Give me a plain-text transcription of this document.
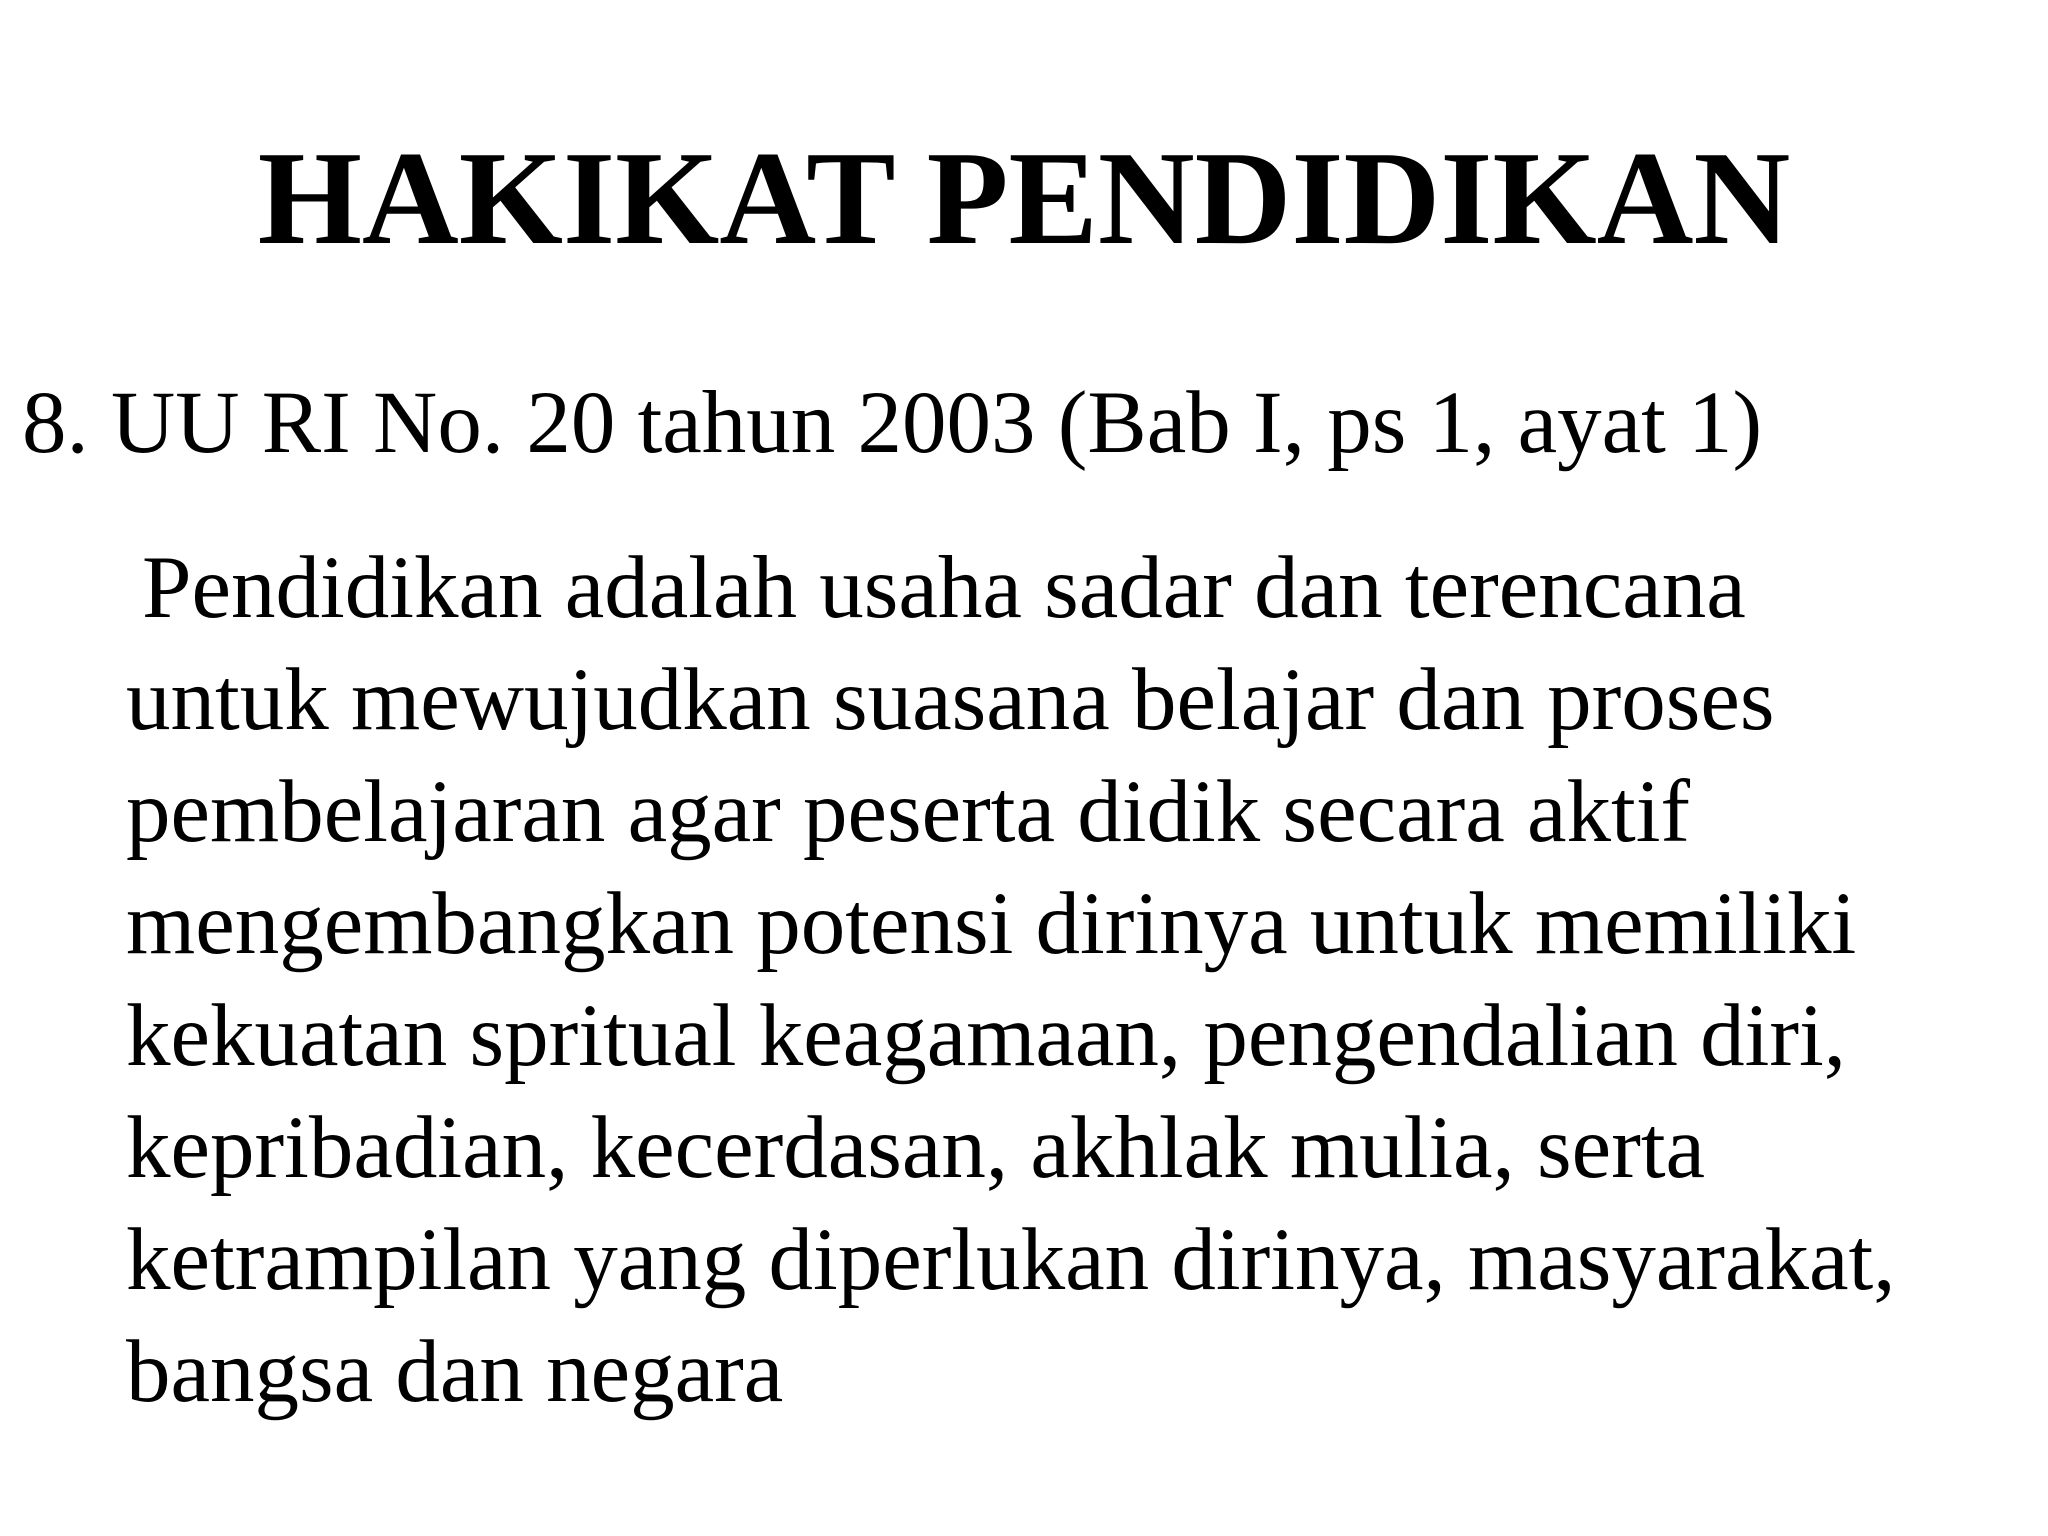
HAKIKAT PENDIDIKAN

8. UU RI No. 20 tahun 2003 (Bab I, ps 1, ayat 1)

Pendidikan adalah usaha sadar dan terencana
untuk mewujudkan suasana belajar dan proses
pembelajaran agar peserta didik secara aktif
mengembangkan potensi dirinya untuk memiliki
kekuatan spritual keagamaan, pengendalian diri,
kepribadian, kecerdasan, akhlak mulia, serta
ketrampilan yang diperlukan dirinya, masyarakat,
bangsa dan negara
